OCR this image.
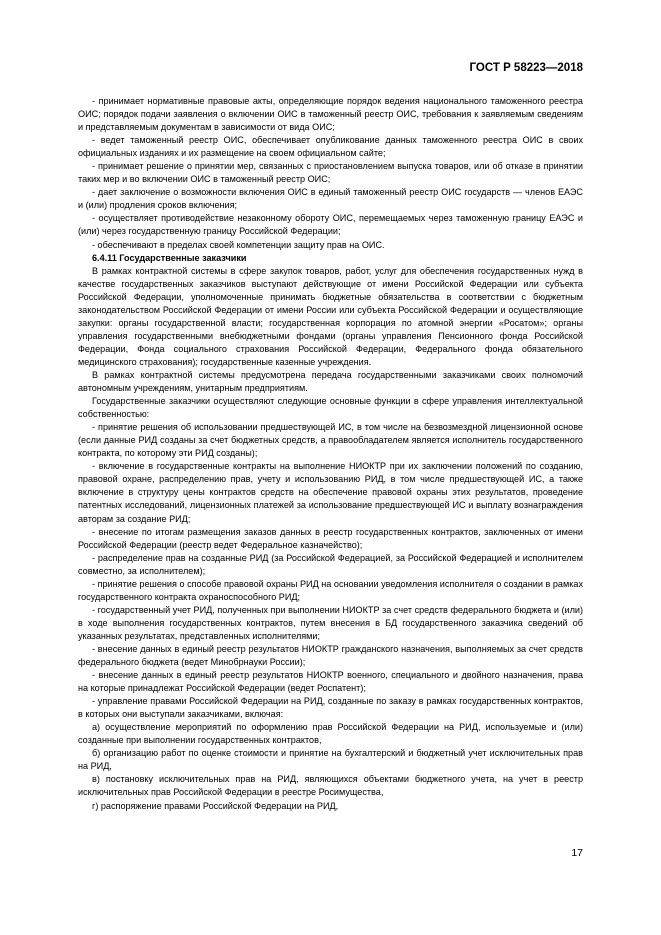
ГОСТ Р 58223—2018

- принимает нормативные правовые акты, определяющие порядок ведения национального таможенного реестра ОИС; порядок подачи заявления о включении ОИС в таможенный реестр ОИС, требования к заявляемым сведениям и представляемым документам в зависимости от вида ОИС;

- ведет таможенный реестр ОИС, обеспечивает опубликование данных таможенного реестра ОИС в своих официальных изданиях и их размещение на своем официальном сайте;

- принимает решение о принятии мер, связанных с приостановлением выпуска товаров, или об отказе в принятии таких мер и во включении ОИС в таможенный реестр ОИС;

- дает заключение о возможности включения ОИС в единый таможенный реестр ОИС государств — членов ЕАЭС и (или) продления сроков включения;

- осуществляет противодействие незаконному обороту ОИС, перемещаемых через таможенную границу ЕАЭС и (или) через государственную границу Российской Федерации;

- обеспечивают в пределах своей компетенции защиту прав на ОИС.

6.4.11 Государственные заказчики

В рамках контрактной системы в сфере закупок товаров, работ, услуг для обеспечения государственных нужд в качестве государственных заказчиков выступают действующие от имени Российской Федерации или субъекта Российской Федерации, уполномоченные принимать бюджетные обязательства в соответствии с бюджетным законодательством Российской Федерации от имени России или субъекта Российской Федерации и осуществляющие закупки: органы государственной власти; государственная корпорация по атомной энергии «Росатом»; органы управления государственными внебюджетными фондами (органы управления Пенсионного фонда Российской Федерации, Фонда социального страхования Российской Федерации, Федерального фонда обязательного медицинского страхования); государственные казенные учреждения.

В рамках контрактной системы предусмотрена передача государственными заказчиками своих полномочий автономным учреждениям, унитарным предприятиям.

Государственные заказчики осуществляют следующие основные функции в сфере управления интеллектуальной собственностью:

- принятие решения об использовании предшествующей ИС, в том числе на безвозмездной лицензионной основе (если данные РИД созданы за счет бюджетных средств, а правообладателем является исполнитель государственного контракта, по которому эти РИД созданы);

- включение в государственные контракты на выполнение НИОКТР при их заключении положений по созданию, правовой охране, распределению прав, учету и использованию РИД, в том числе предшествующей ИС, а также включение в структуру цены контрактов средств на обеспечение правовой охраны этих результатов, проведение патентных исследований, лицензионных платежей за использование предшествующей ИС и выплату вознаграждения авторам за создание РИД;

- внесение по итогам размещения заказов данных в реестр государственных контрактов, заключенных от имени Российской Федерации (реестр ведет Федеральное казначейство);

- распределение прав на созданные РИД (за Российской Федерацией, за Российской Федерацией и исполнителем совместно, за исполнителем);

- принятие решения о способе правовой охраны РИД на основании уведомления исполнителя о создании в рамках государственного контракта охраноспособного РИД;

- государственный учет РИД, полученных при выполнении НИОКТР за счет средств федерального бюджета и (или) в ходе выполнения государственных контрактов, путем внесения в БД государственного заказчика сведений об указанных результатах, представленных исполнителями;

- внесение данных в единый реестр результатов НИОКТР гражданского назначения, выполняемых за счет средств федерального бюджета (ведет Минобрнауки России);

- внесение данных в единый реестр результатов НИОКТР военного, специального и двойного назначения, права на которые принадлежат Российской Федерации (ведет Роспатент);

- управление правами Российской Федерации на РИД, созданные по заказу в рамках государственных контрактов, в которых они выступали заказчиками, включая:

а) осуществление мероприятий по оформлению прав Российской Федерации на РИД, используемые и (или) созданные при выполнении государственных контрактов,

б) организацию работ по оценке стоимости и принятие на бухгалтерский и бюджетный учет исключительных прав на РИД,

в) постановку исключительных прав на РИД, являющихся объектами бюджетного учета, на учет в реестр исключительных прав Российской Федерации в реестре Росимущества,

г) распоряжение правами Российской Федерации на РИД,

17
